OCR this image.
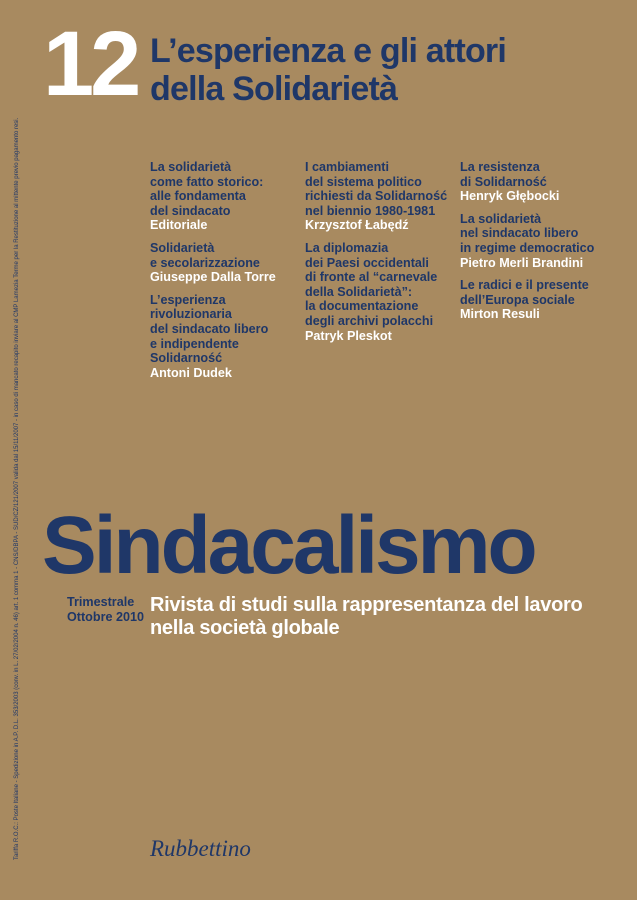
12 L’esperienza e gli attori
della Solidarietà
La solidarietà
come fatto storico:
alle fondamenta
del sindacato
Editoriale
Solidarietà
e secolarizzazione
Giuseppe Dalla Torre
L’esperienza
rivoluzionaria
del sindacato libero
e indipendente
Solidarność
Antoni Dudek
I cambiamenti
del sistema politico
richiesti da Solidarność
nel biennio 1980-1981
Krzysztof Łabędź
La diplomazia
dei Paesi occidentali
di fronte al “carnevale
della Solidarietà”:
la documentazione
degli archivi polacchi
Patryk Pleskot
La resistenza
di Solidarność
Henryk Głębocki
La solidarietà
nel sindacato libero
in regime democratico
Pietro Merli Brandini
Le radici e il presente
dell’Europa sociale
Mirton Resuli
Sindacalismo
Trimestrale
Ottobre 2010
Rivista di studi sulla rappresentanza del lavoro
nella società globale
Tariffa R.O.C.: Poste Italiane - Spedizione in A.P. D.L. 353/2003 (conv. in L. 27/02/2004 n. 46) art. 1 comma 1 - CNS/DBPA - SUD/CZ/121/2007 valida dal 15/11/2007 - in caso di mancato recapito inviare al CMP Lamezia Terme per la Restituzione al mittente previo pagamento resi.	Rubbettino
